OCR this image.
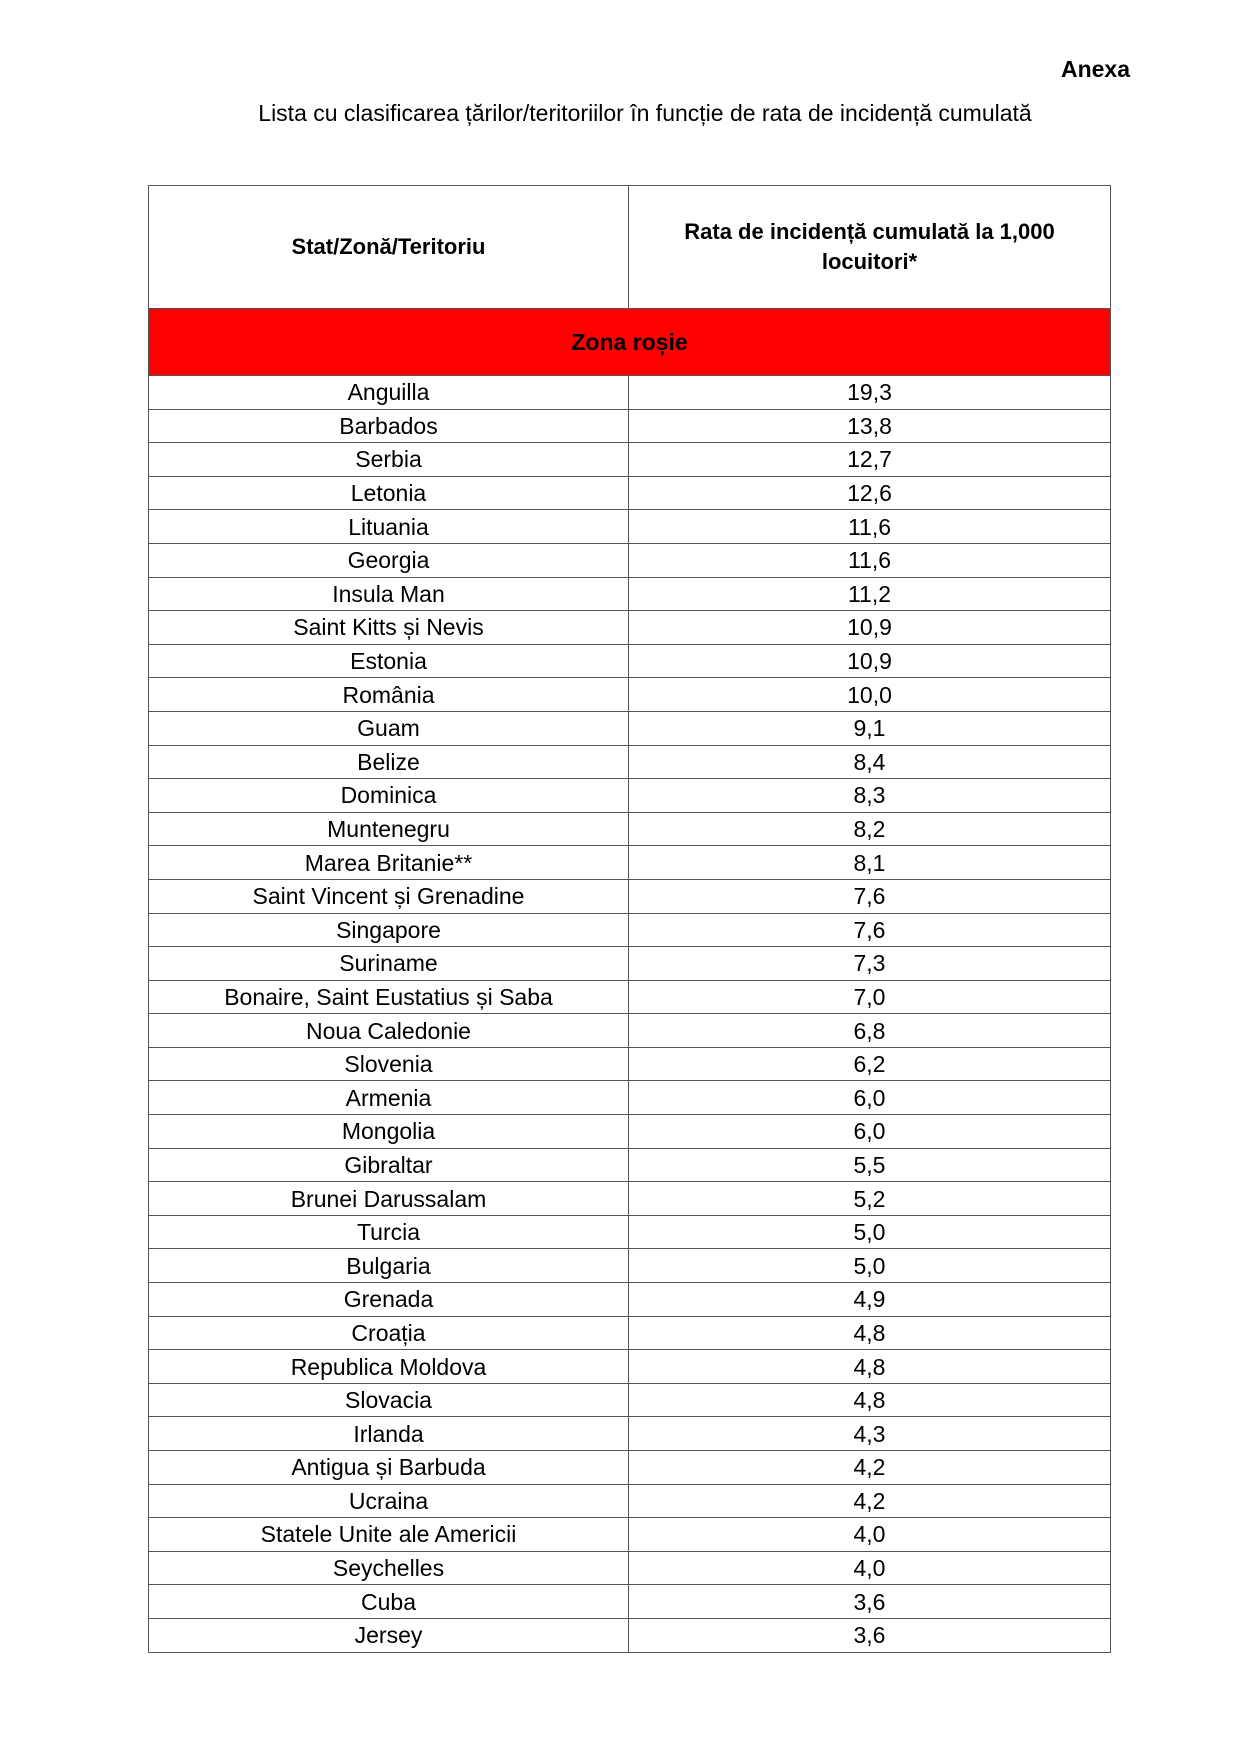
Anexa
Lista cu clasificarea țărilor/teritoriilor în funcție de rata de incidență cumulată
Stat/Zonă/Teritoriu	Rata de incidență cumulată la 1,000 locuitori*
Zona roșie	
Anguilla	19,3
Barbados	13,8
Serbia	12,7
Letonia	12,6
Lituania	11,6
Georgia	11,6
Insula Man	11,2
Saint Kitts și Nevis	10,9
Estonia	10,9
România	10,0
Guam	9,1
Belize	8,4
Dominica	8,3
Muntenegru	8,2
Marea Britanie**	8,1
Saint Vincent și Grenadine	7,6
Singapore	7,6
Suriname	7,3
Bonaire, Saint Eustatius și Saba	7,0
Noua Caledonie	6,8
Slovenia	6,2
Armenia	6,0
Mongolia	6,0
Gibraltar	5,5
Brunei Darussalam	5,2
Turcia	5,0
Bulgaria	5,0
Grenada	4,9
Croația	4,8
Republica Moldova	4,8
Slovacia	4,8
Irlanda	4,3
Antigua și Barbuda	4,2
Ucraina	4,2
Statele Unite ale Americii	4,0
Seychelles	4,0
Cuba	3,6
Jersey	3,6
